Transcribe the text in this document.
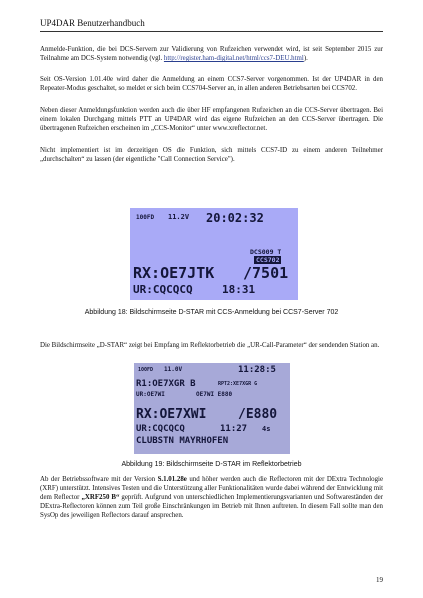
UP4DAR Benutzerhandbuch

Anmelde-Funktion, die bei DCS-Servern zur Validierung von Rufzeichen verwendet wird, ist seit September 2015 zur Teilnahme am DCS-System notwendig (vgl. http://register.ham-digital.net/html/ccs7-DEU.html).

Seit OS-Version 1.01.40e wird daher die Anmeldung an einem CCS7-Server vorgenommen. Ist der UP4DAR in den Repeater-Modus geschaltet, so meldet er sich beim CCS704-Server an, in allen anderen Betriebsarten bei CCS702.

Neben dieser Anmeldungsfunktion werden auch die über HF empfangenen Rufzeichen an die CCS-Server übertragen. Bei einem lokalen Durchgang mittels PTT an UP4DAR wird das eigene Rufzeichen an den CCS-Server übertragen. Die übertragenen Rufzeichen erscheinen im „CCS-Monitor“ unter www.xreflector.net.

Nicht implementiert ist im derzeitigen OS die Funktion, sich mittels CCS7-ID zu einem anderen Teilnehmer „durchschalten“ zu lassen (der eigentliche "Call Connection Service").

100FD 11.2V 20:02:32
DCS009 T
CCS702
RX:OE7JTK /7501
UR:CQCQCQ	18:31
Abbildung 18: Bildschirmseite D-STAR mit CCS-Anmeldung bei CCS7-Server 702

Die Bildschirmseite „D-STAR“ zeigt bei Empfang im Reflektorbetrieb die „UR-Call-Parameter“ der sendenden Station an.

100FD 11.0V	11:28:5
R1:OE7XGR B	RPT2:XE7XGR G
UR:OE7WI	OE7WI E880
RX:OE7XWI /E880
UR:CQCQCQ	11:27 4s
CLUBSTN MAYRHOFEN
Abbildung 19: Bildschirmseite D-STAR im Reflektorbetrieb

Ab der Betriebssoftware mit der Version S.1.01.28e und höher werden auch die Reflectoren mit der DExtra Technologie (XRF) unterstützt. Intensives Testen und die Unterstützung aller Funktionalitäten wurde dabei während der Entwicklung mit dem Reflector „XRF250 B“ geprüft. Aufgrund von unterschiedlichen Implementierungsvarianten und Softwareständen der DExtra-Reflectoren können zum Teil große Einschränkungen im Betrieb mit Ihnen auftreten. In diesem Fall sollte man den SysOp des jeweiligen Reflectors darauf ansprechen.

19
